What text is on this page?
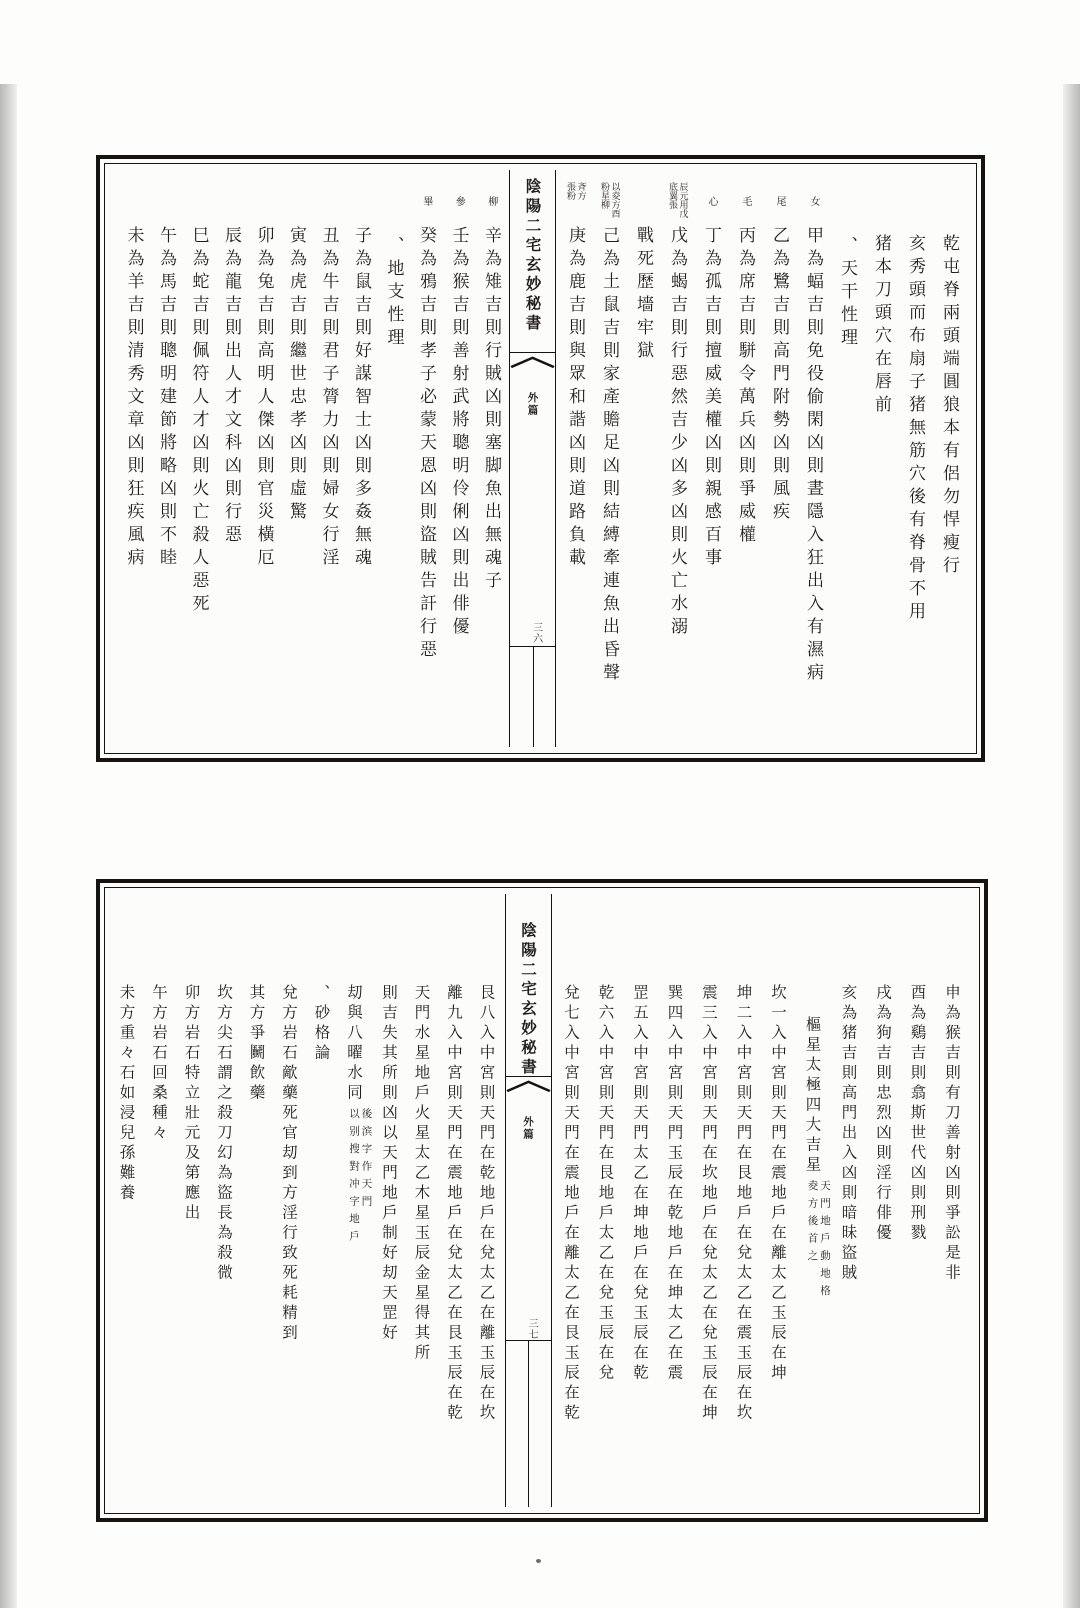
乾屯脊兩頭端圓狼本有侶勿悍瘦行
亥秀頭而布扇子猪無筋穴後有脊骨不用
猪本刀頭穴在唇前
、天干性理
女
甲為蝠吉則免役偷閑凶則晝隱入狂出入有濕病
尾
乙為鷺吉則高門附勢凶則風疾
毛
丙為席吉則駢令萬兵凶則爭威權
心
丁為孤吉則擅威美權凶則親感百事
辰元用戊
底翼張
戊為蝎吉則行惡然吉少凶多凶則火亡水溺
戰死歷墻牢獄
以夌方酉
粉星柳
己為土鼠吉則家產贍足凶則結縛牽連魚出昏聲
斉方
張粉
庚為鹿吉則與眾和諧凶則道路負載
陰陽二宅玄妙秘書
外篇
三六
柳
辛為雉吉則行賊凶則塞脚魚出無魂子
參
壬為猴吉則善射武將聰明伶俐凶則出俳優
畢
癸為鴉吉則孝子必蒙天恩凶則盜賊告訐行惡
、地支性理
子為鼠吉則好謀智士凶則多姦無魂
丑為牛吉則君子膂力凶則婦女行淫
寅為虎吉則繼世忠孝凶則虛驚
卯為兔吉則高明人傑凶則官災橫厄
辰為龍吉則出人才文科凶則行惡
巳為蛇吉則佩符人才凶則火亡殺人惡死
午為馬吉則聰明建節將略凶則不睦
未為羊吉則清秀文章凶則狂疾風病
申為猴吉則有刀善射凶則爭訟是非
酉為鷄吉則翕斯世代凶則刑戮
戌為狗吉則忠烈凶則淫行俳優
亥為猪吉則高門出入凶則暗昧盜賊
樞星太極四大吉星
天門地戶動地格
夌方後首之
坎一入中宮則天門在震地戶在離太乙玉辰在坤
坤二入中宮則天門在艮地戶在兌太乙在震玉辰在坎
震三入中宮則天門在坎地戶在兌太乙在兌玉辰在坤
巽四入中宮則天門玉辰在乾地戶在坤太乙在震
罡五入中宮則天門太乙在坤地戶在兌玉辰在乾
乾六入中宮則天門在艮地戶太乙在兌玉辰在兌
兌七入中宮則天門在震地戶在離太乙在艮玉辰在乾
陰陽二宅玄妙秘書
外篇
三七
艮八入中宮則天門在乾地戶在兌太乙在離玉辰在坎
離九入中宮則天門在震地戶在兌太乙在艮玉辰在乾
天門水星地戶火星太乙木星玉辰金星得其所
則吉失其所則凶以天門地戶制好刧天罡好
刧與八曜水同
後滨字作天門
以别搜對冲字地戶
、砂格論
兌方岩石歒藥死官刧到方淫行致死耗精到
其方爭鬭飲藥
坎方尖石謂之殺刀幻為盜長為殺微
卯方岩石特立壯元及第應出
午方岩石回桑種々
未方重々石如浸兒孫難養
